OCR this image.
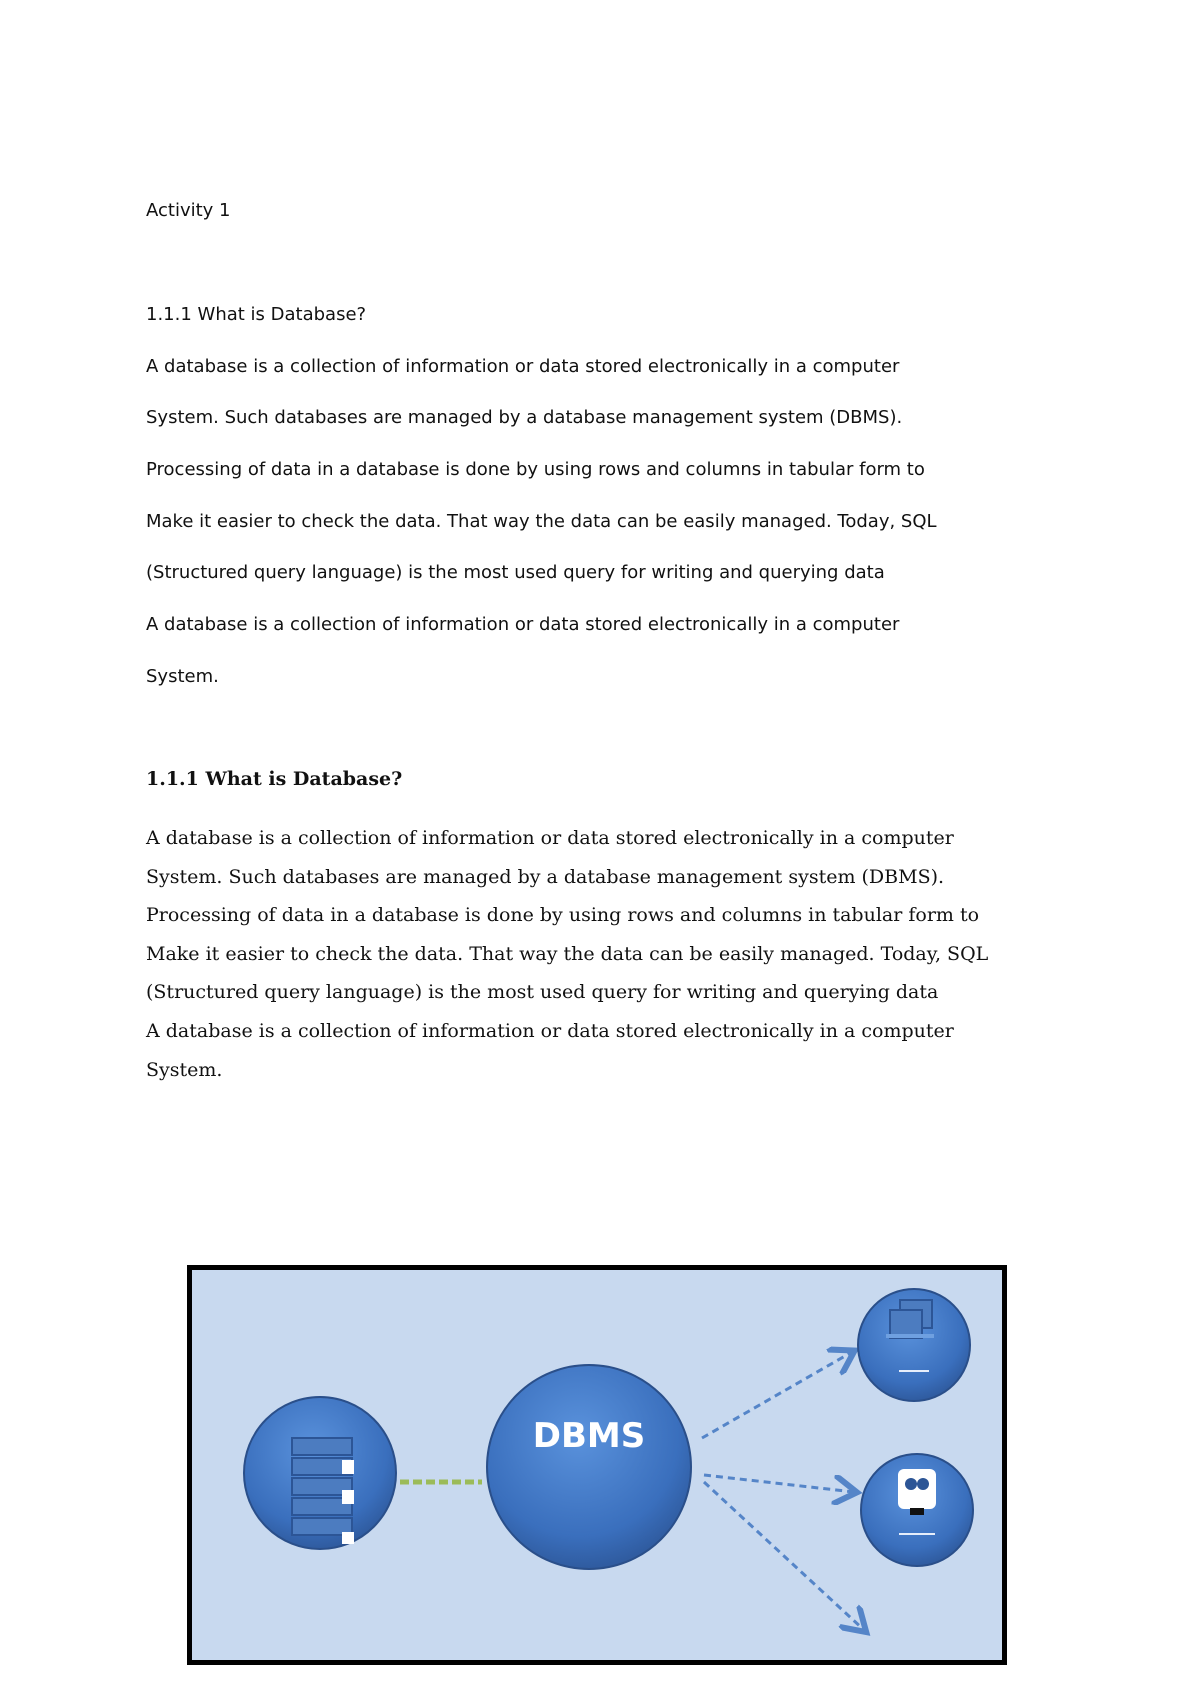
Activity 1

1.1.1 What is Database?

A database is a collection of information or data stored electronically in a computer

System. Such databases are managed by a database management system (DBMS).

Processing of data in a database is done by using rows and columns in tabular form to

Make it easier to check the data. That way the data can be easily managed. Today, SQL

(Structured query language) is the most used query for writing and querying data

A database is a collection of information or data stored electronically in a computer

System.

1.1.1 What is Database?

A database is a collection of information or data stored electronically in a computer

System. Such databases are managed by a database management system (DBMS).

Processing of data in a database is done by using rows and columns in tabular form to

Make it easier to check the data. That way the data can be easily managed. Today, SQL

(Structured query language) is the most used query for writing and querying data

A database is a collection of information or data stored electronically in a computer

System.

DBMS
